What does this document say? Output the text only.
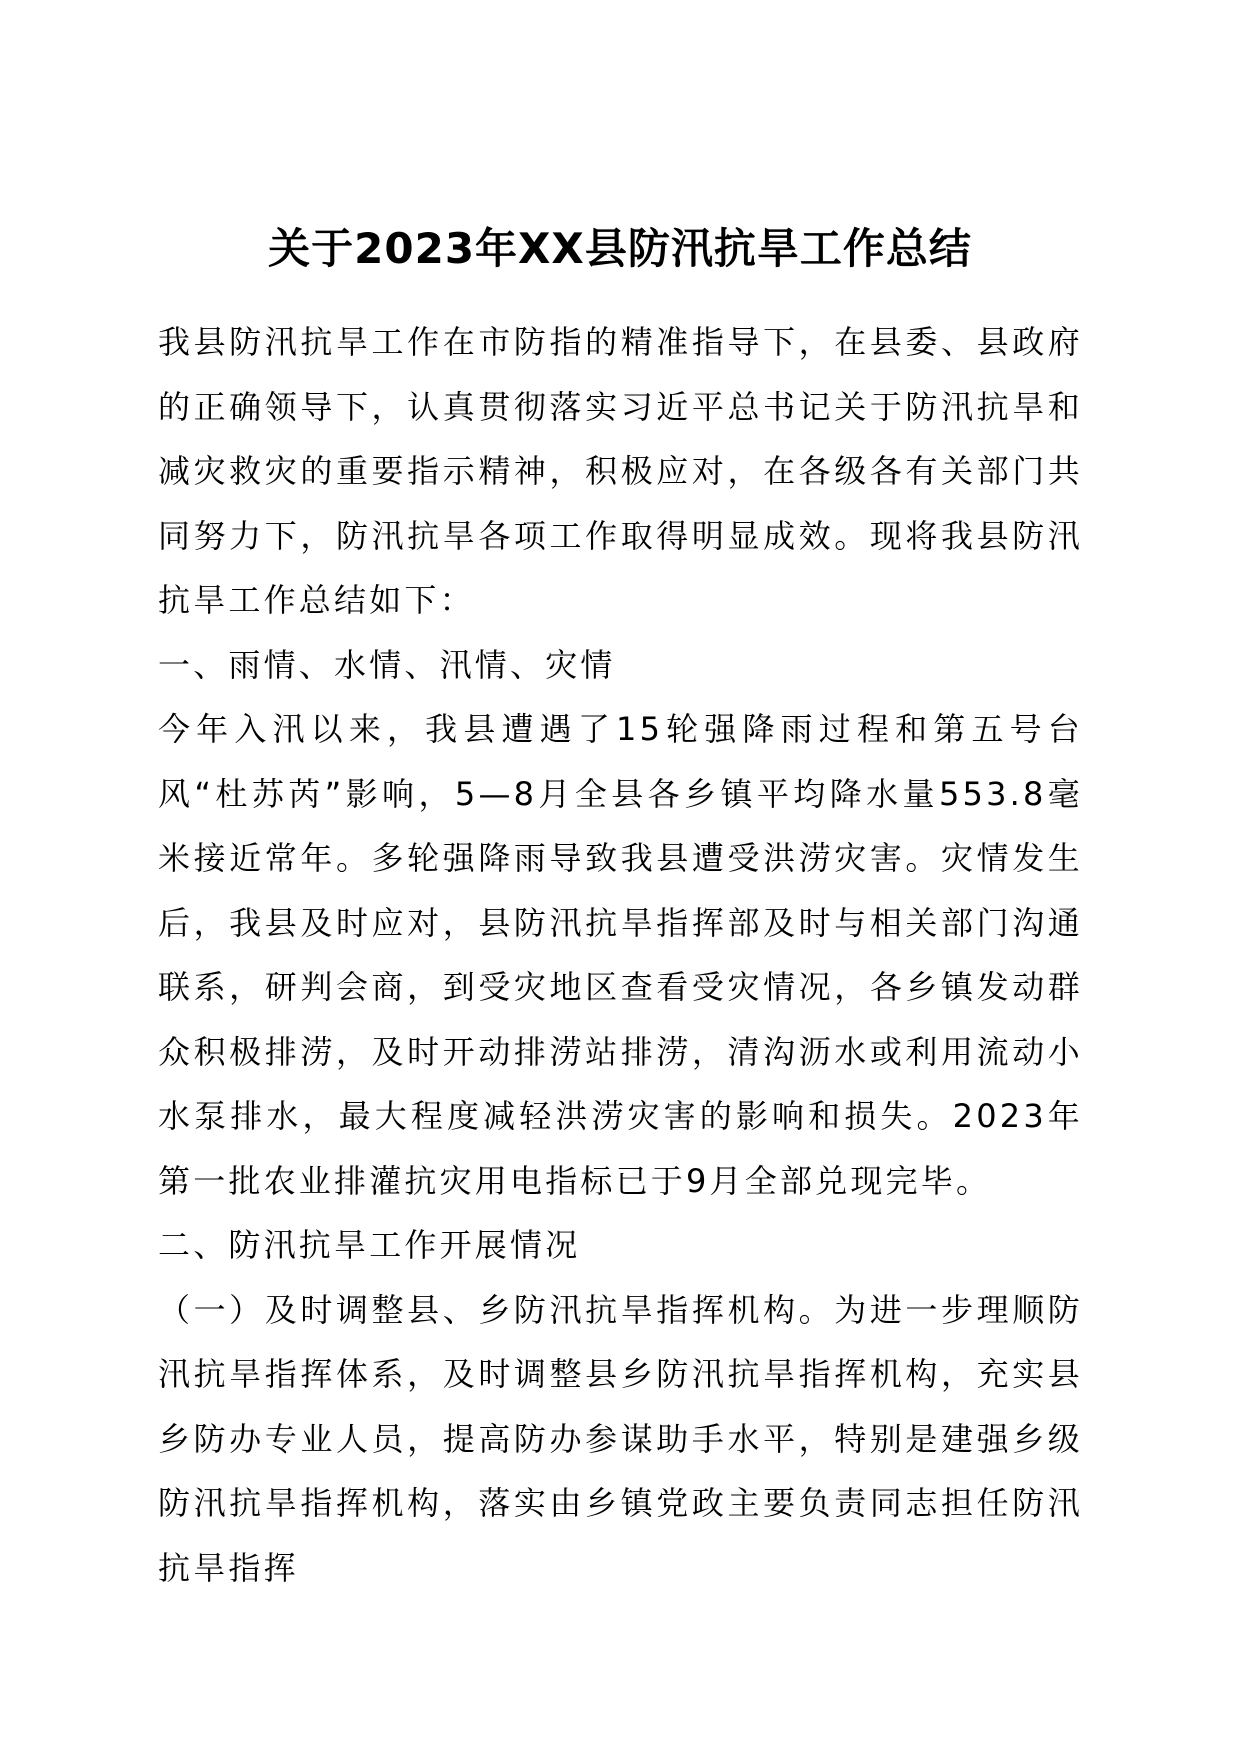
关于2023年XX县防汛抗旱工作总结

我县防汛抗旱工作在市防指的精准指导下，在县委、县政府的正确领导下，认真贯彻落实习近平总书记关于防汛抗旱和减灾救灾的重要指示精神，积极应对，在各级各有关部门共同努力下，防汛抗旱各项工作取得明显成效。现将我县防汛抗旱工作总结如下：

一、雨情、水情、汛情、灾情

今年入汛以来，我县遭遇了15轮强降雨过程和第五号台风“杜苏芮”影响，5—8月全县各乡镇平均降水量553.8毫米接近常年。多轮强降雨导致我县遭受洪涝灾害。灾情发生后，我县及时应对，县防汛抗旱指挥部及时与相关部门沟通联系，研判会商，到受灾地区查看受灾情况，各乡镇发动群众积极排涝，及时开动排涝站排涝，清沟沥水或利用流动小水泵排水，最大程度减轻洪涝灾害的影响和损失。2023年第一批农业排灌抗灾用电指标已于9月全部兑现完毕。

二、防汛抗旱工作开展情况

（一）及时调整县、乡防汛抗旱指挥机构。为进一步理顺防汛抗旱指挥体系，及时调整县乡防汛抗旱指挥机构，充实县乡防办专业人员，提高防办参谋助手水平，特别是建强乡级防汛抗旱指挥机构，落实由乡镇党政主要负责同志担任防汛抗旱指挥
